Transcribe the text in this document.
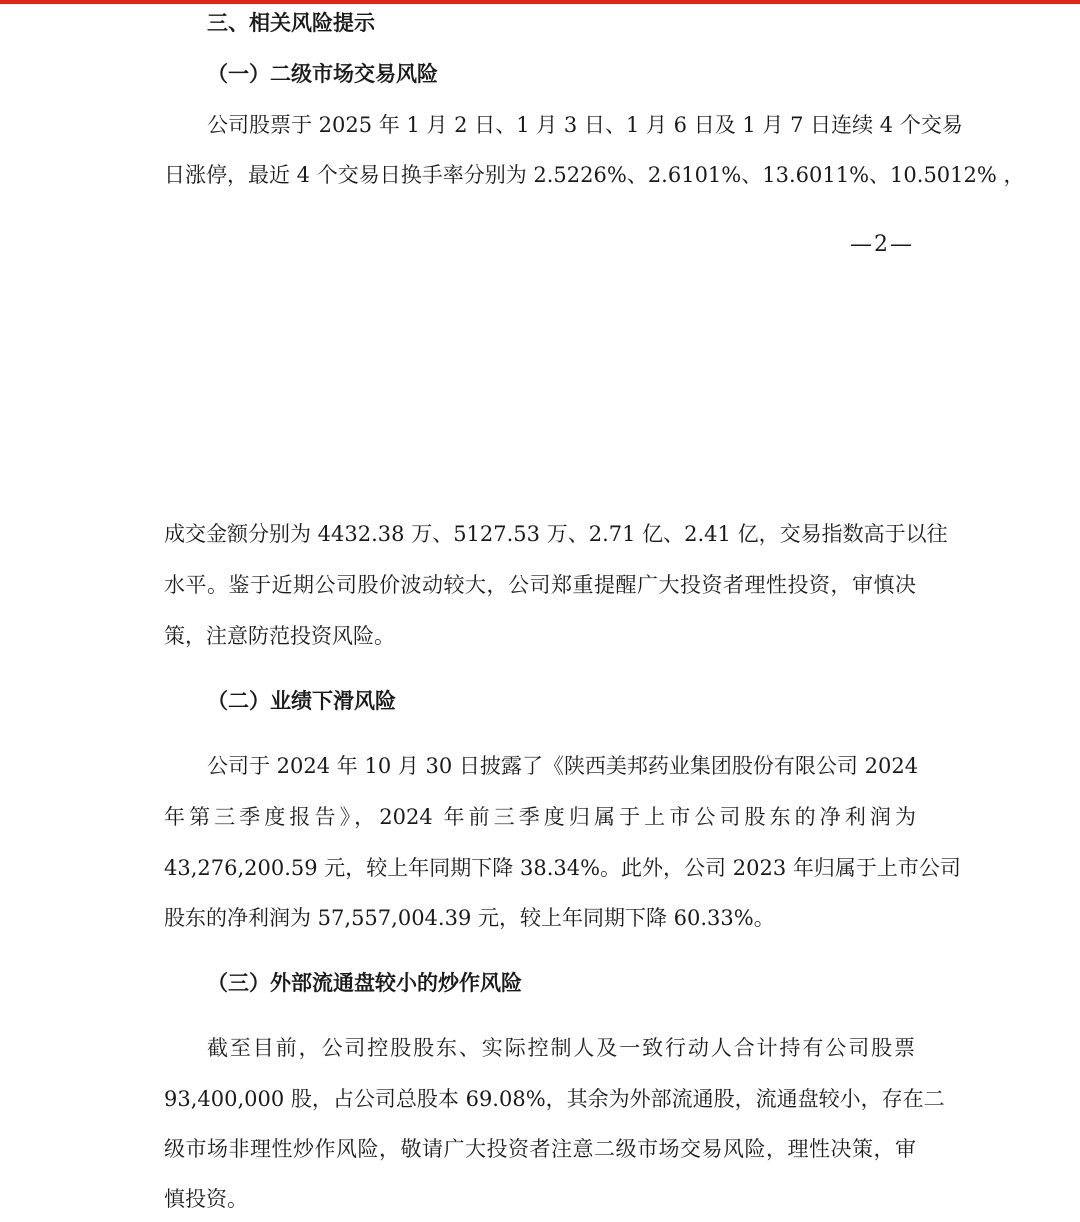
三、相关风险提示
（一）二级市场交易风险
公司股票于 2025 年 1 月 2 日、1 月 3 日、1 月 6 日及 1 月 7 日连续 4 个交易
日涨停，最近 4 个交易日换手率分别为 2.5226%、2.6101%、13.6011%、10.5012% ，
—2—
成交金额分别为 4432.38 万、5127.53 万、2.71 亿、2.41 亿，交易指数高于以往
水平。鉴于近期公司股价波动较大，公司郑重提醒广大投资者理性投资，审慎决
策，注意防范投资风险。
（二）业绩下滑风险
公司于 2024 年 10 月 30 日披露了《陕西美邦药业集团股份有限公司 2024
年第三季度报告》，2024 年前三季度归属于上市公司股东的净利润为
43,276,200.59 元，较上年同期下降 38.34%。此外，公司 2023 年归属于上市公司
股东的净利润为 57,557,004.39 元，较上年同期下降 60.33%。
（三）外部流通盘较小的炒作风险
截至目前，公司控股股东、实际控制人及一致行动人合计持有公司股票
93,400,000 股，占公司总股本 69.08%，其余为外部流通股，流通盘较小，存在二
级市场非理性炒作风险，敬请广大投资者注意二级市场交易风险，理性决策，审
慎投资。
